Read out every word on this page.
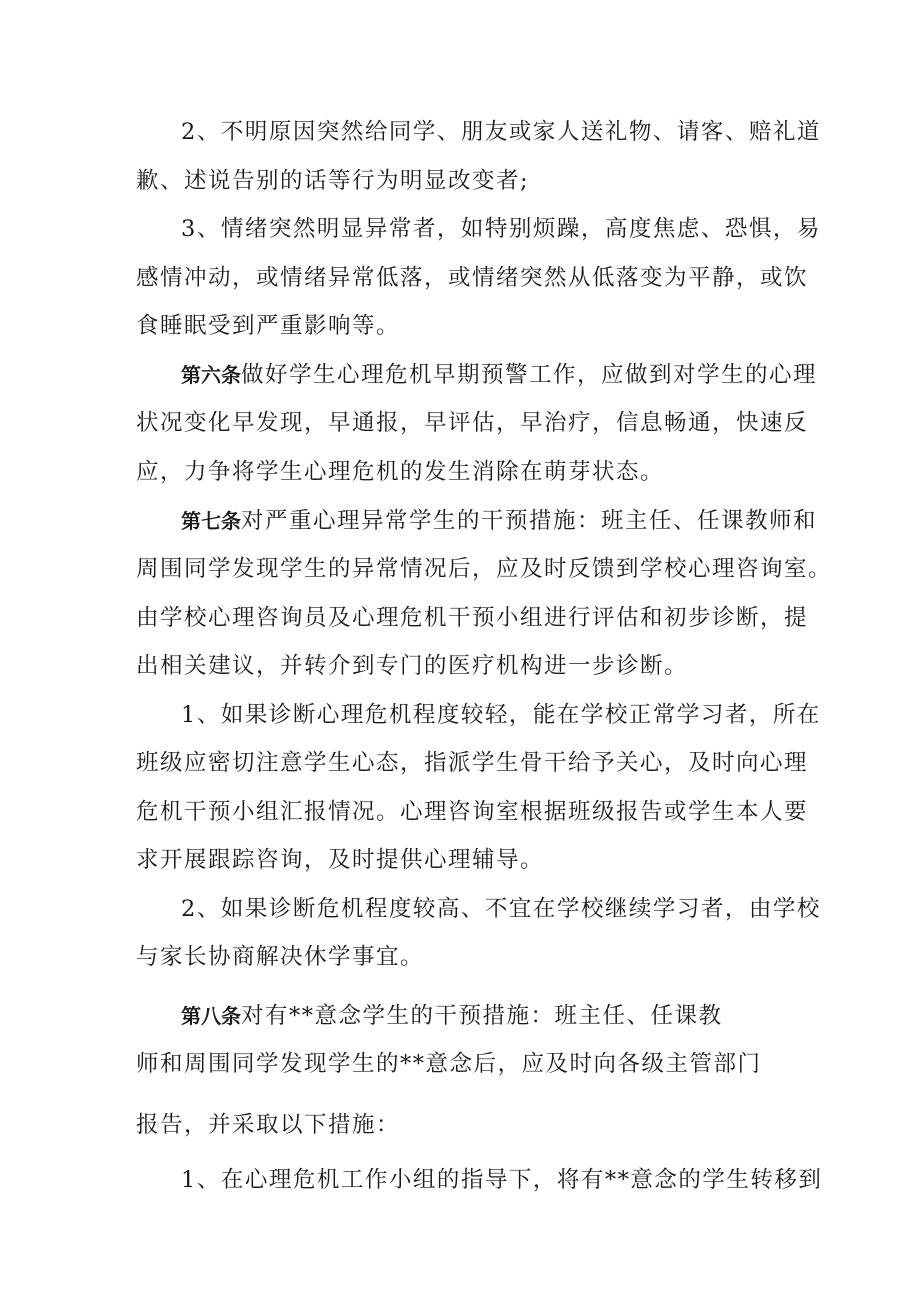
2、不明原因突然给同学、朋友或家人送礼物、请客、赔礼道
歉、述说告别的话等行为明显改变者;
3、情绪突然明显异常者，如特别烦躁，高度焦虑、恐惧，易
感情冲动，或情绪异常低落，或情绪突然从低落变为平静，或饮
食睡眠受到严重影响等。
第六条做好学生心理危机早期预警工作，应做到对学生的心理
状况变化早发现，早通报，早评估，早治疗，信息畅通，快速反
应，力争将学生心理危机的发生消除在萌芽状态。
第七条对严重心理异常学生的干预措施：班主任、任课教师和
周围同学发现学生的异常情况后，应及时反馈到学校心理咨询室。
由学校心理咨询员及心理危机干预小组进行评估和初步诊断，提
出相关建议，并转介到专门的医疗机构进一步诊断。
1、如果诊断心理危机程度较轻，能在学校正常学习者，所在
班级应密切注意学生心态，指派学生骨干给予关心，及时向心理
危机干预小组汇报情况。心理咨询室根据班级报告或学生本人要
求开展跟踪咨询，及时提供心理辅导。
2、如果诊断危机程度较高、不宜在学校继续学习者，由学校
与家长协商解决休学事宜。
第八条对有**意念学生的干预措施：班主任、任课教
师和周围同学发现学生的**意念后，应及时向各级主管部门
报告，并采取以下措施：
1、在心理危机工作小组的指导下，将有**意念的学生转移到
